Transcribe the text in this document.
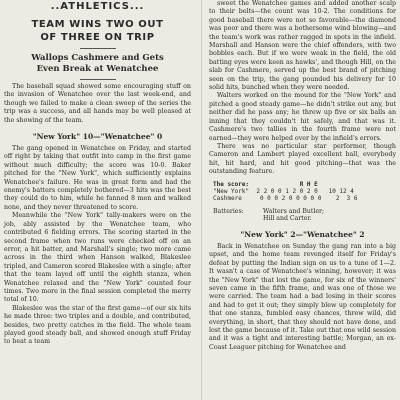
..ATHLETICS...
TEAM WINS TWO OUT
OF THREE ON TRIP
Wallops Cashmere and Gets
Even Break at Wenatchee

The baseball squad showed some encouraging stuff on the invasion of Wenatchee over the last week-end, and though we failed to make a clean sweep of the series the trip was a success, and all hands may be well pleased at the showing of the team.

"New York" 10—"Wenatchee" 0

The gang opened in Wenatchee on Friday, and started off right by taking that outfit into camp in the first game without much difficulty; the score was 10-0. Baker pitched for the "New York", which sufficiently explains Wenatchee's failure. He was in great form and had the enemy's batters completely bothered—3 hits was the best they could do to him, while he fanned 8 men and walked none, and they never threatened to score.

Meanwhile the "New York" tally-makers were on the job, ably assisted by the Wenatchee team, who contributed 6 fielding errors. The scoring started in the second frame when two runs were checked off on an error, a hit batter, and Marshall's single; two more came across in the third when Hanson walked, Blakeslee tripled, and Cameron scored Blakeslee with a single; after that the team layed off until the eighth stanza, when Wenatchee relaxed and the "New York" counted four times. Two more in the final session completed the merry total of 10.

Blakeslee was the star of the first game—of our six hits he made three: two triples and a double, and contributed, besides, two pretty catches in the field. The whole team played good steady ball, and showed enough stuff Friday to beat a team

sweet the Wenatchee games and added another scalp to their belts—the count was 10-2. The conditions for good baseball there were not so favorable—the diamond was poor and there was a bothersome wind blowing—and the team's work was rather ragged in spots in the infield. Marshall and Hanson were the chief offenders, with two bobbles each. But if we were weak in the field, the old batting eyes were keen as hawks', and though Hill, on the slab for Cashmere, served up the best brand of pitching seen on the trip, the gang pounded his delivery for 10 solid hits, bunched when they were needed.

Walters worked on the mound for the "New York" and pitched a good steady game—he didn't strike out any, but neither did he pass any; he threw up five or six balls an inning that they couldn't hit safely, and that was it. Cashmere's two tallies in the fourth frame were not earned—they were helped over by the infield's errors.

There was no particular star performer, though Cameron and Lambert played excellent ball, everybody hit, hit hard, and hit good pitching—that was the outstanding feature.

The score:              R H E
"New York"  2 2 0 0 1 2 0 2 0   10 12 4
Cashmere     0 0 0 2 0 0 0 0 0    2  3 6
Batteries:	Walters and Butler;
Hill and Carter.
"New York" 2—"Wenatchee" 2

Back in Wenatchee on Sunday the gang ran into a big upset, and the home team revenged itself for Friday's defeat by putting the Indian sign on us to a tune of 1—2. It wasn't a case of Wenatchee's winning, however; it was the "New York" that lost the game, for six of the winners' seven came in the fifth frame, and was one of those we were carried. The team had a bad losing in their scores and had to get it out; they simply blew up completely for that one stanza, fumbled easy chances, threw wild, did everything, in short, that they should not have done, and lost the game because of it. Take out that one wild session and it was a tight and interesting battle; Morgan, an ex-Coast Leaguer pitching for Wenatchee and
